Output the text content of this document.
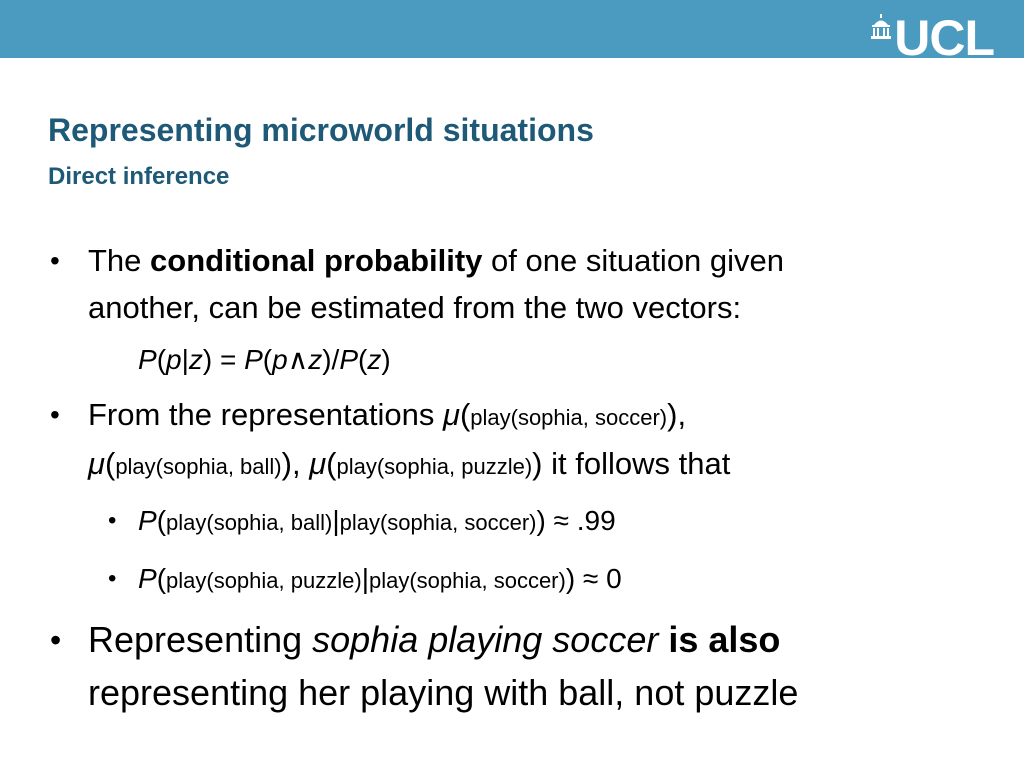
UCL
Representing microworld situations
Direct inference
• The conditional probability of one situation given
another, can be estimated from the two vectors:
P(p|z) = P(p∧z)/P(z)
• From the representations μ(play(sophia, soccer)),
μ(play(sophia, ball)), μ(play(sophia, puzzle)) it follows that
• P(play(sophia, ball)|play(sophia, soccer)) ≈ .99
• P(play(sophia, puzzle)|play(sophia, soccer)) ≈ 0
• Representing sophia playing soccer is also
representing her playing with ball, not puzzle
